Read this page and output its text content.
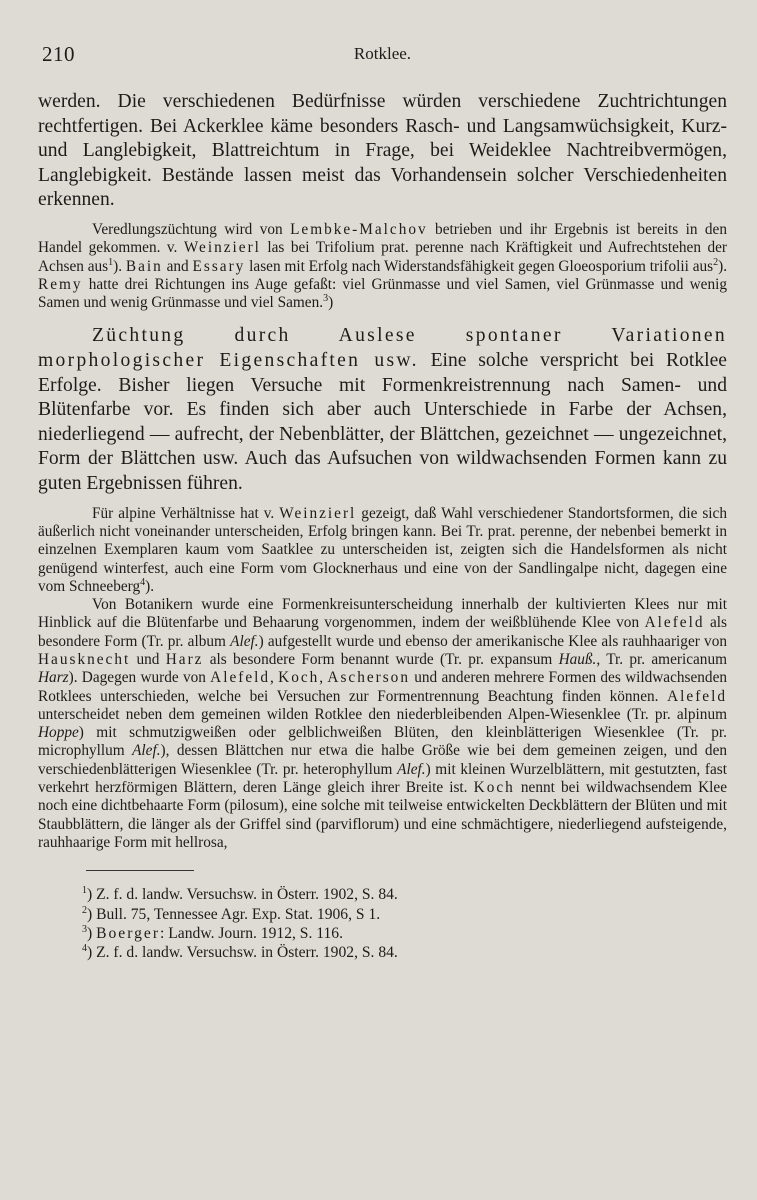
210	Rotklee.

werden. Die verschiedenen Bedürfnisse würden verschiedene Zuchtrichtungen rechtfertigen. Bei Ackerklee käme besonders Rasch- und Langsamwüchsigkeit, Kurz- und Langlebigkeit, Blattreichtum in Frage, bei Weideklee Nachtreibvermögen, Langlebigkeit. Bestände lassen meist das Vorhandensein solcher Verschiedenheiten erkennen.

Veredlungszüchtung wird von Lembke-Malchov betrieben und ihr Ergebnis ist bereits in den Handel gekommen. v. Weinzierl las bei Trifolium prat. perenne nach Kräftigkeit und Aufrechtstehen der Achsen aus$^1$). Bain and Essary lasen mit Erfolg nach Widerstandsfähigkeit gegen Gloeosporium trifolii aus$^2$). Remy hatte drei Richtungen ins Auge gefaßt: viel Grünmasse und viel Samen, viel Grünmasse und wenig Samen und wenig Grünmasse und viel Samen.$^3$)

Züchtung durch Auslese spontaner Variationen morphologischer Eigenschaften usw. Eine solche verspricht bei Rotklee Erfolge. Bisher liegen Versuche mit Formenkreistrennung nach Samen- und Blütenfarbe vor. Es finden sich aber auch Unterschiede in Farbe der Achsen, niederliegend — aufrecht, der Nebenblätter, der Blättchen, gezeichnet — ungezeichnet, Form der Blättchen usw. Auch das Aufsuchen von wildwachsenden Formen kann zu guten Ergebnissen führen.

Für alpine Verhältnisse hat v. Weinzierl gezeigt, daß Wahl verschiedener Standortsformen, die sich äußerlich nicht voneinander unterscheiden, Erfolg bringen kann. Bei Tr. prat. perenne, der nebenbei bemerkt in einzelnen Exemplaren kaum vom Saatklee zu unterscheiden ist, zeigten sich die Handelsformen als nicht genügend winterfest, auch eine Form vom Glocknerhaus und eine von der Sandlingalpe nicht, dagegen eine vom Schneeberg$^4$).

Von Botanikern wurde eine Formenkreisunterscheidung innerhalb der kultivierten Klees nur mit Hinblick auf die Blütenfarbe und Behaarung vorgenommen, indem der weißblühende Klee von Alefeld als besondere Form (Tr. pr. album Alef.) aufgestellt wurde und ebenso der amerikanische Klee als rauhhaariger von Hausknecht und Harz als besondere Form benannt wurde (Tr. pr. expansum Hauß., Tr. pr. americanum Harz). Dagegen wurde von Alefeld, Koch, Ascherson und anderen mehrere Formen des wildwachsenden Rotklees unterschieden, welche bei Versuchen zur Formentrennung Beachtung finden können. Alefeld unterscheidet neben dem gemeinen wilden Rotklee den niederbleibenden Alpen-Wiesenklee (Tr. pr. alpinum Hoppe) mit schmutzigweißen oder gelblichweißen Blüten, den kleinblätterigen Wiesenklee (Tr. pr. microphyllum Alef.), dessen Blättchen nur etwa die halbe Größe wie bei dem gemeinen zeigen, und den verschiedenblätterigen Wiesenklee (Tr. pr. heterophyllum Alef.) mit kleinen Wurzelblättern, mit gestutzten, fast verkehrt herzförmigen Blättern, deren Länge gleich ihrer Breite ist. Koch nennt bei wildwachsendem Klee noch eine dichtbehaarte Form (pilosum), eine solche mit teilweise entwickelten Deckblättern der Blüten und mit Staubblättern, die länger als der Griffel sind (parviflorum) und eine schmächtigere, niederliegend aufsteigende, rauhhaarige Form mit hellrosa,

$^1$) Z. f. d. landw. Versuchsw. in Österr. 1902, S. 84.
$^2$) Bull. 75, Tennessee Agr. Exp. Stat. 1906, S 1.
$^3$) Boerger: Landw. Journ. 1912, S. 116.
$^4$) Z. f. d. landw. Versuchsw. in Österr. 1902, S. 84.
